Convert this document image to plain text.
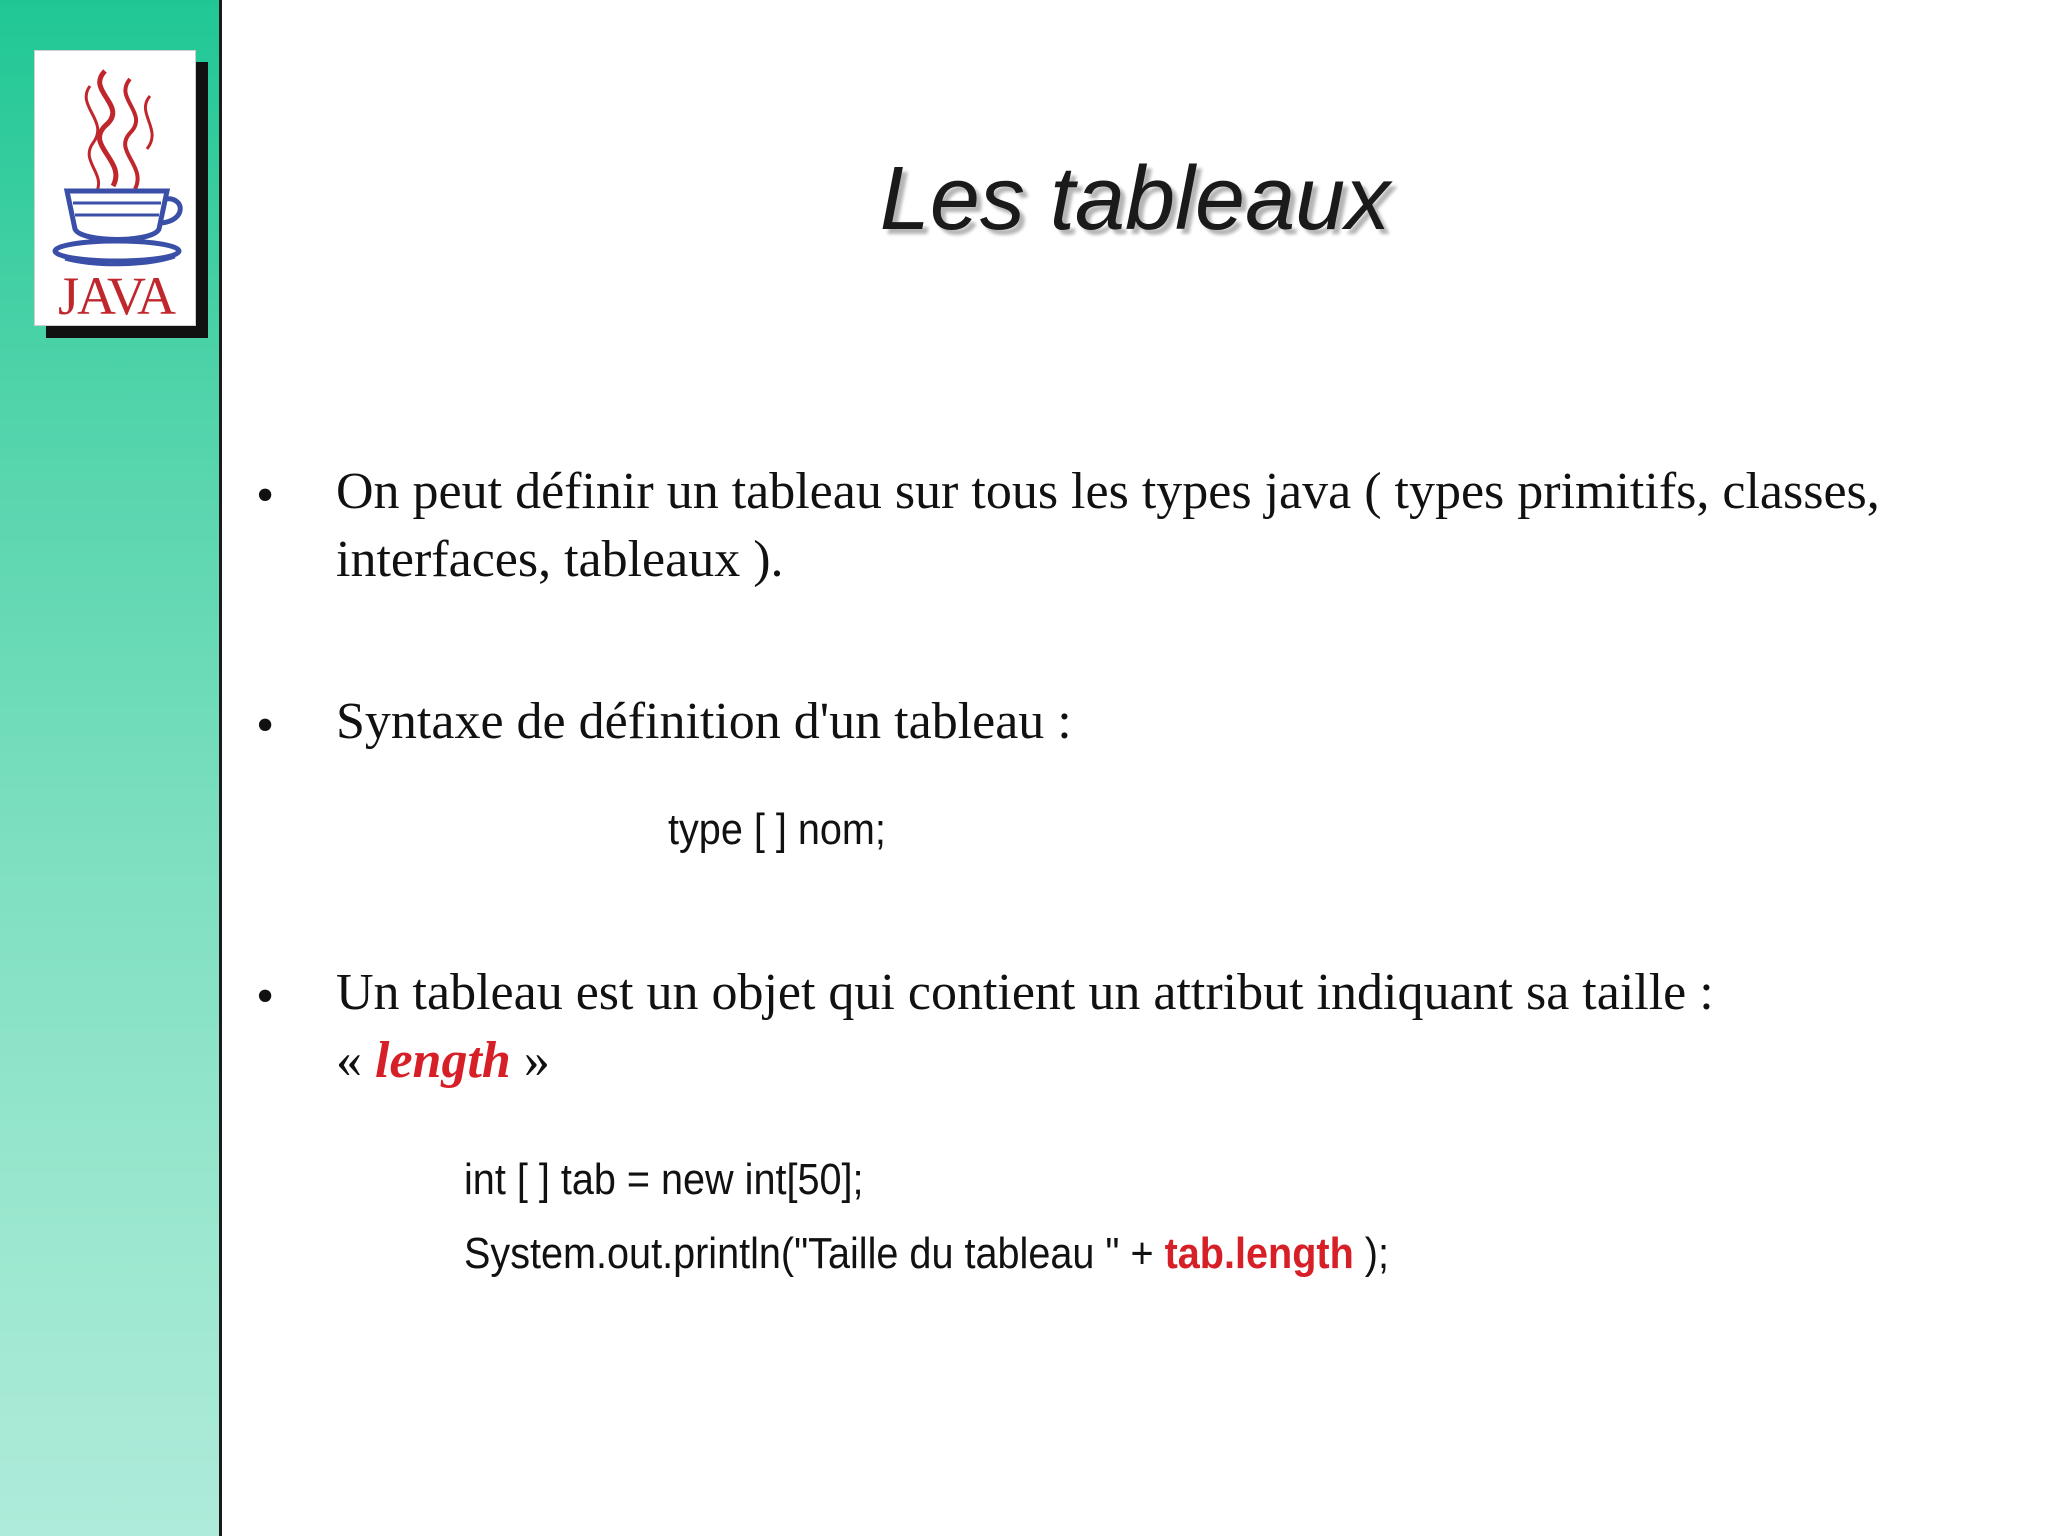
JAVA
Les tableaux
• On peut définir un tableau sur tous les types java ( types primitifs, classes, interfaces, tableaux ).
• Syntaxe de définition d'un tableau :
type [ ] nom;
• Un tableau est un objet qui contient un attribut indiquant sa taille :
« length »
int [ ] tab = new int[50];
System.out.println("Taille du tableau " + tab.length );
